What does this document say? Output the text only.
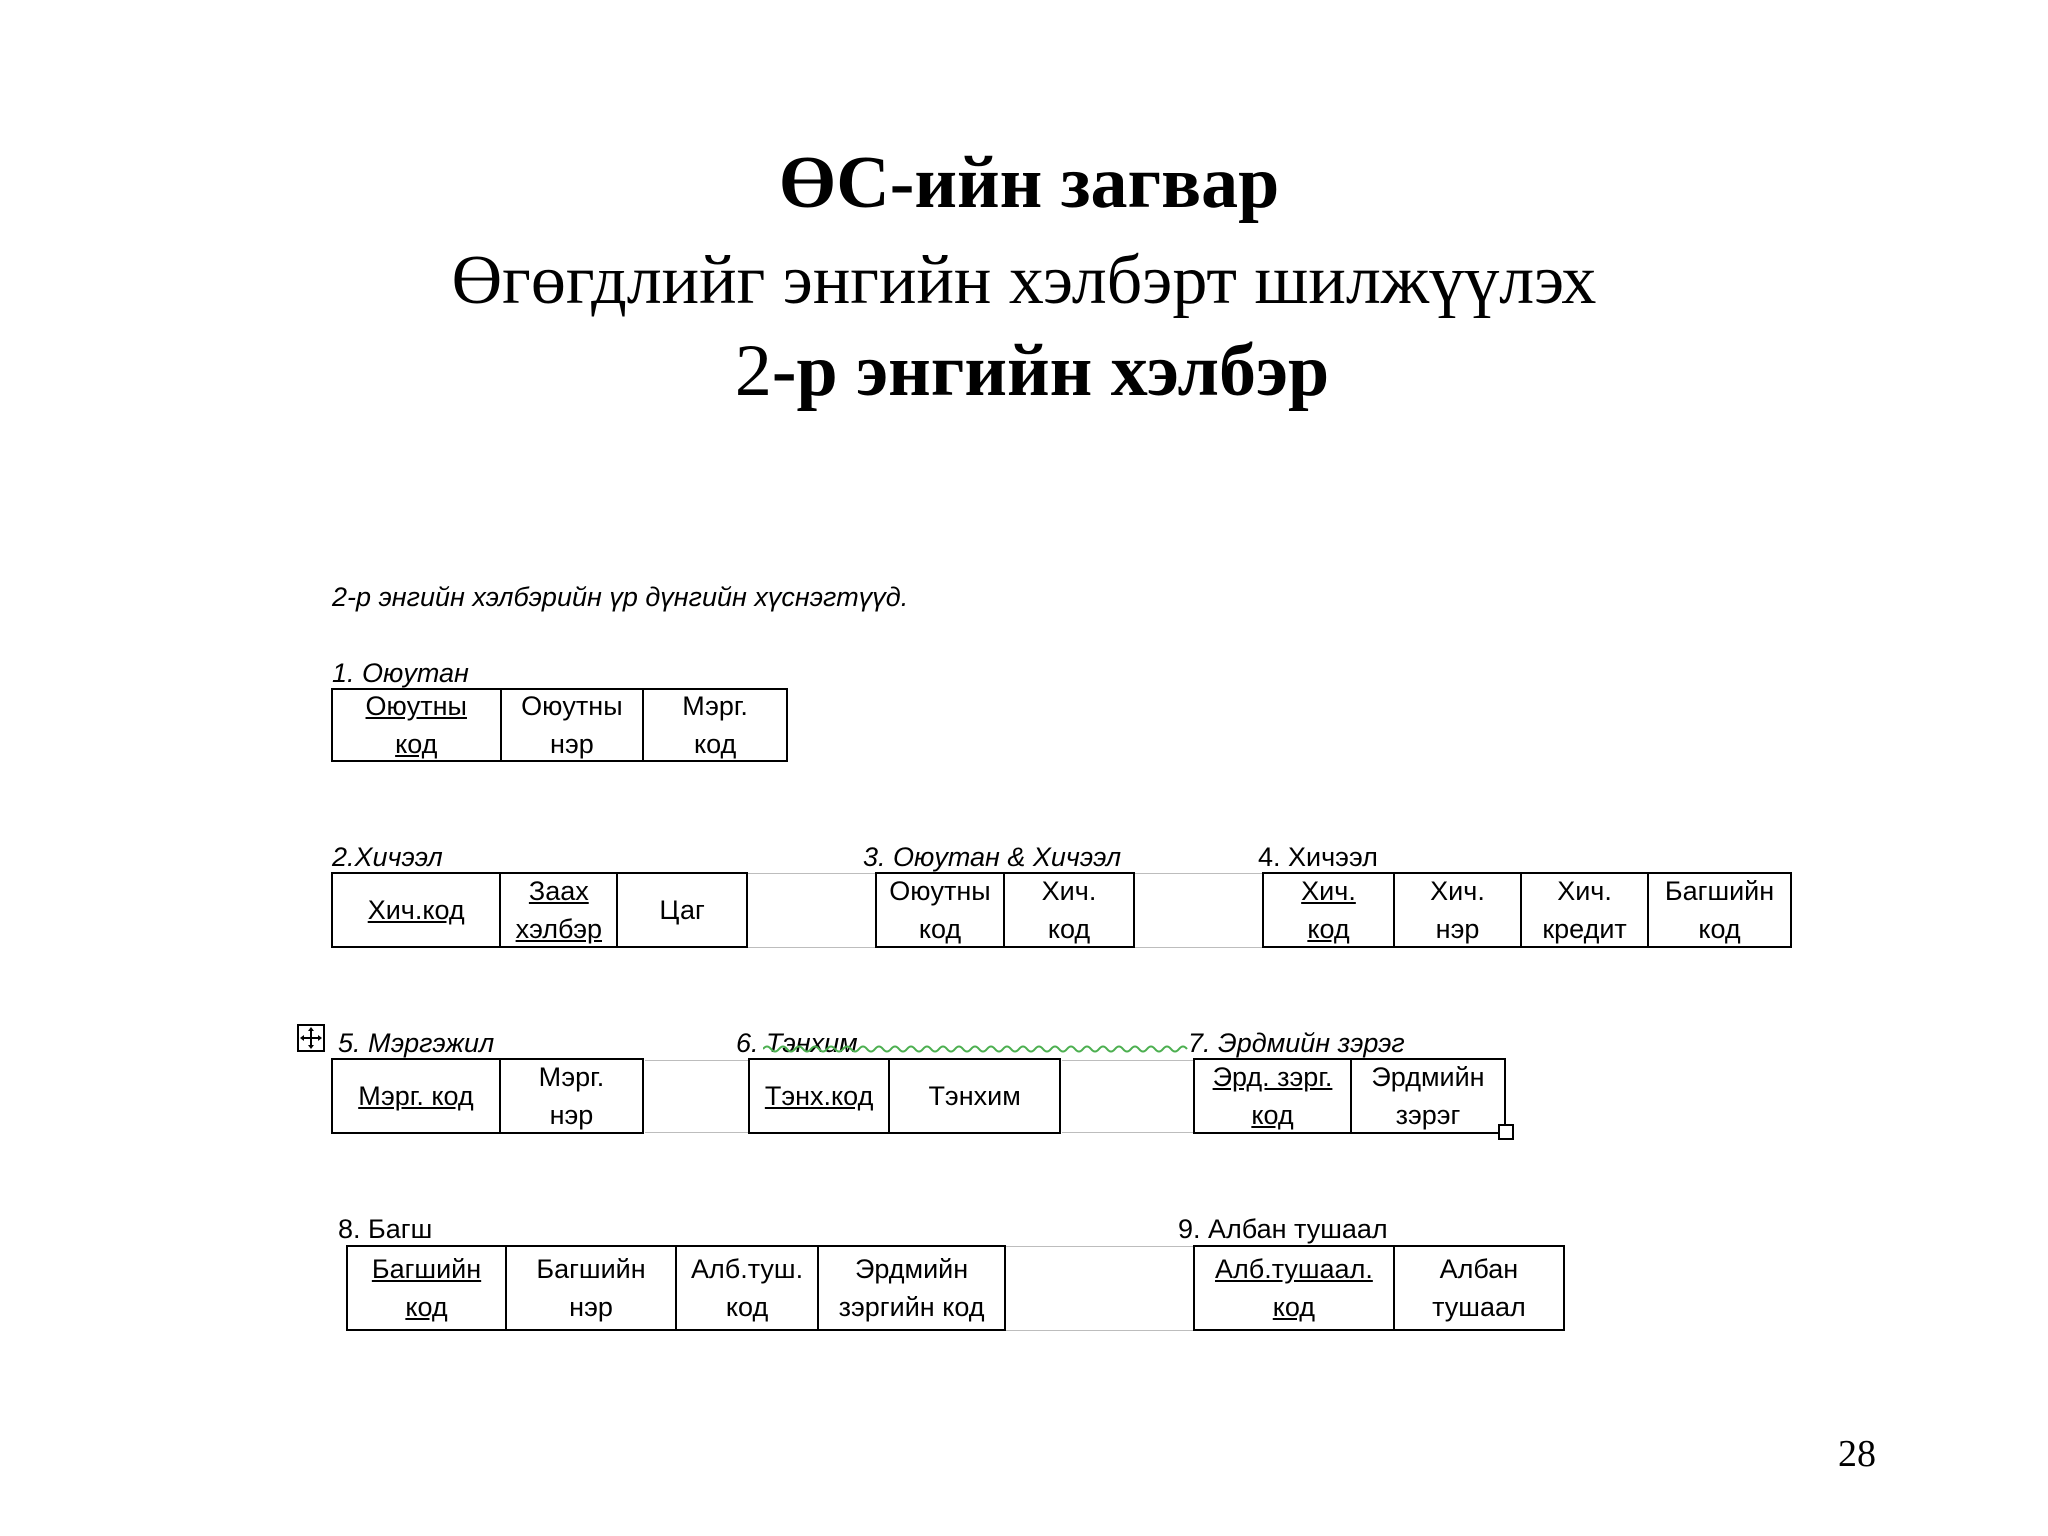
ӨС-ийн загвар
Өгөгдлийг энгийн хэлбэрт шилжүүлэх
2-р энгийн хэлбэр
2-р энгийн хэлбэрийн үр дүнгийн хүснэгтүүд.
1. Оюутан
Оюутны
код
Оюутны
нэр
Мэрг.
код
2.Хичээл
Хич.код
Заах
хэлбэр
Цаг
3. Оюутан & Хичээл
Оюутны
код
Хич.
код
4. Хичээл
Хич.
код
Хич.
нэр
Хич.
кредит
Багшийн
код
5. Мэргэжил
Мэрг. код
Мэрг.
нэр
6. Тэнхим
Тэнх.код Тэнхим
7. Эрдмийн зэрэг
Эрд. зэрг.
код
Эрдмийн
зэрэг
8. Багш
Багшийн
код
Багшийн
нэр
Алб.туш.
код
Эрдмийн
зэргийн код
9. Албан тушаал
Алб.тушаал.
код
Албан
тушаал
28
